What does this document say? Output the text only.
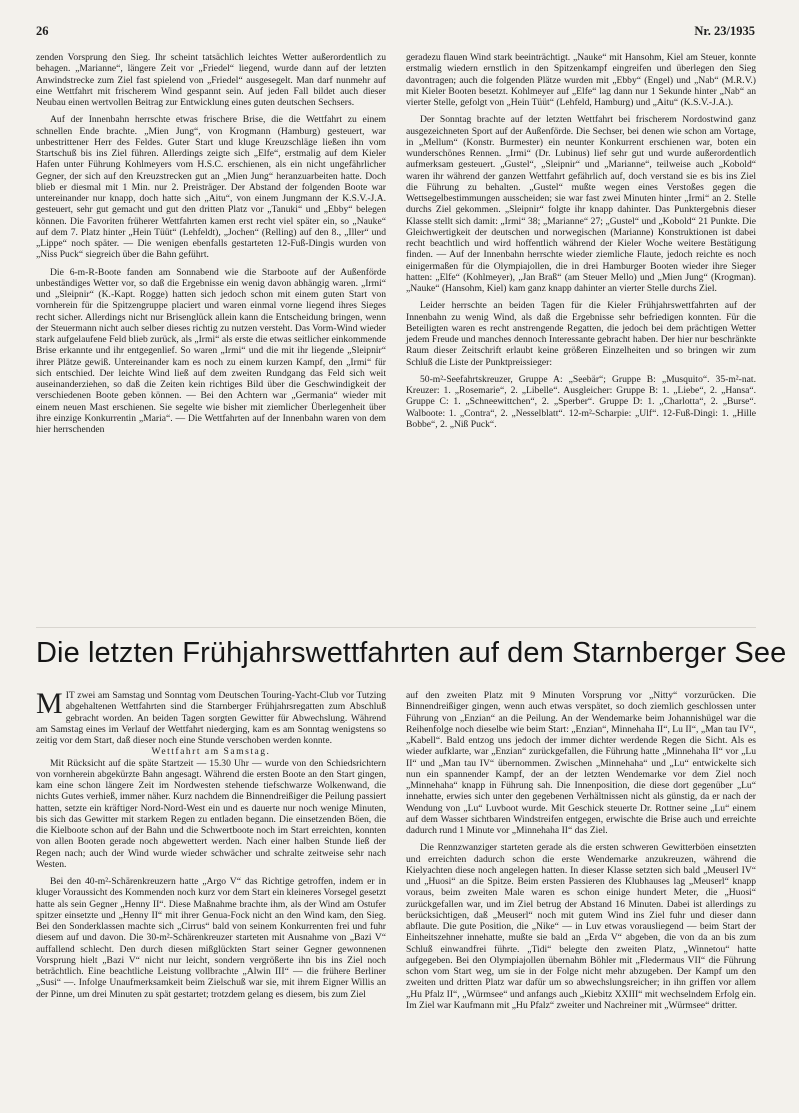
26	Nr. 23/1935

zenden Vorsprung den Sieg. Ihr scheint tatsächlich leichtes Wetter außerordentlich zu behagen. „Marianne“, längere Zeit vor „Friedel“ liegend, wurde dann auf der letzten Anwindstrecke zum Ziel fast spielend von „Friedel“ ausgesegelt. Man darf nunmehr auf eine Wettfahrt mit frischerem Wind gespannt sein. Auf jeden Fall bildet auch dieser Neubau einen wertvollen Beitrag zur Entwicklung eines guten deutschen Sechsers.

Auf der Innenbahn herrschte etwas frischere Brise, die die Wettfahrt zu einem schnellen Ende brachte. „Mien Jung“, von Krogmann (Hamburg) gesteuert, war unbestrittener Herr des Feldes. Guter Start und kluge Kreuzschläge ließen ihn vom Startschuß bis ins Ziel führen. Allerdings zeigte sich „Elfe“, erstmalig auf dem Kieler Hafen unter Führung Kohlmeyers vom H.S.C. erschienen, als ein nicht ungefährlicher Gegner, der sich auf den Kreuzstrecken gut an „Mien Jung“ heranzuarbeiten hatte. Doch blieb er diesmal mit 1 Min. nur 2. Preisträger. Der Abstand der folgenden Boote war untereinander nur knapp, doch hatte sich „Aitu“, von einem Jungmann der K.S.V.-J.A. gesteuert, sehr gut gemacht und gut den dritten Platz vor „Tanuki“ und „Ebby“ belegen können. Die Favoriten früherer Wettfahrten kamen erst recht viel später ein, so „Nauke“ auf dem 7. Platz hinter „Hein Tüüt“ (Lehfeldt), „Jochen“ (Relling) auf den 8., „Iller“ und „Lippe“ noch später. — Die wenigen ebenfalls gestarteten 12-Fuß-Dingis wurden von „Niss Puck“ siegreich über die Bahn geführt.

Die 6-m-R-Boote fanden am Sonnabend wie die Starboote auf der Außenförde unbeständiges Wetter vor, so daß die Ergebnisse ein wenig davon abhängig waren. „Irmi“ und „Sleipnir“ (K.-Kapt. Rogge) hatten sich jedoch schon mit einem guten Start von vornherein für die Spitzengruppe placiert und waren einmal vorne liegend ihres Sieges recht sicher. Allerdings nicht nur Brisenglück allein kann die Entscheidung bringen, wenn der Steuermann nicht auch selber dieses richtig zu nutzen versteht. Das Vorm-Wind wieder stark aufgelaufene Feld blieb zurück, als „Irmi“ als erste die etwas seitlicher einkommende Brise erkannte und ihr entgegenlief. So waren „Irmi“ und die mit ihr liegende „Sleipnir“ ihrer Plätze gewiß. Untereinander kam es noch zu einem kurzen Kampf, den „Irmi“ für sich entschied. Der leichte Wind ließ auf dem zweiten Rundgang das Feld sich weit auseinanderziehen, so daß die Zeiten kein richtiges Bild über die Geschwindigkeit der verschiedenen Boote geben können. — Bei den Achtern war „Germania“ wieder mit einem neuen Mast erschienen. Sie segelte wie bisher mit ziemlicher Überlegenheit über ihre einzige Konkurrentin „Maria“. — Die Wettfahrten auf der Innenbahn waren von dem hier herrschenden

geradezu flauen Wind stark beeinträchtigt. „Nauke“ mit Hansohm, Kiel am Steuer, konnte erstmalig wiedern ernstlich in den Spitzenkampf eingreifen und überlegen den Sieg davontragen; auch die folgenden Plätze wurden mit „Ebby“ (Engel) und „Nab“ (M.R.V.) mit Kieler Booten besetzt. Kohlmeyer auf „Elfe“ lag dann nur 1 Sekunde hinter „Nab“ an vierter Stelle, gefolgt von „Hein Tüüt“ (Lehfeld, Hamburg) und „Aitu“ (K.S.V.-J.A.).

Der Sonntag brachte auf der letzten Wettfahrt bei frischerem Nordostwind ganz ausgezeichneten Sport auf der Außenförde. Die Sechser, bei denen wie schon am Vortage, in „Mellum“ (Konstr. Burmester) ein neunter Konkurrent erschienen war, boten ein wunderschönes Rennen. „Irmi“ (Dr. Lubinus) lief sehr gut und wurde außerordentlich aufmerksam gesteuert. „Gustel“, „Sleipnir“ und „Marianne“, teilweise auch „Kobold“ waren ihr während der ganzen Wettfahrt gefährlich auf, doch verstand sie es bis ins Ziel die Führung zu behalten. „Gustel“ mußte wegen eines Verstoßes gegen die Wettsegelbestimmungen ausscheiden; sie war fast zwei Minuten hinter „Irmi“ an 2. Stelle durchs Ziel gekommen. „Sleipnir“ folgte ihr knapp dahinter. Das Punktergebnis dieser Klasse stellt sich damit: „Irmi“ 38; „Marianne“ 27; „Gustel“ und „Kobold“ 21 Punkte. Die Gleichwertigkeit der deutschen und norwegischen (Marianne) Konstruktionen ist dabei recht beachtlich und wird hoffentlich während der Kieler Woche weitere Bestätigung finden. — Auf der Innenbahn herrschte wieder ziemliche Flaute, jedoch reichte es noch einigermaßen für die Olympiajollen, die in drei Hamburger Booten wieder ihre Sieger hatten: „Elfe“ (Kohlmeyer), „Jan Braß“ (am Steuer Mello) und „Mien Jung“ (Krogman). „Nauke“ (Hansohm, Kiel) kam ganz knapp dahinter an vierter Stelle durchs Ziel.

Leider herrschte an beiden Tagen für die Kieler Frühjahrswettfahrten auf der Innenbahn zu wenig Wind, als daß die Ergebnisse sehr befriedigen konnten. Für die Beteiligten waren es recht anstrengende Regatten, die jedoch bei dem prächtigen Wetter jedem Freude und manches dennoch Interessante gebracht haben. Der hier nur beschränkte Raum dieser Zeitschrift erlaubt keine größeren Einzelheiten und so bringen wir zum Schluß die Liste der Punktpreissieger:

50-m²-Seefahrtskreuzer, Gruppe A: „Seebär“; Gruppe B: „Musquito“. 35-m²-nat. Kreuzer: 1. „Rosemarie“, 2. „Libelle“. Ausgleicher: Gruppe B: 1. „Liebe“, 2. „Hansa“. Gruppe C: 1. „Schneewittchen“, 2. „Sperber“. Gruppe D: 1. „Charlotta“, 2. „Burse“. Walboote: 1. „Contra“, 2. „Nesselblatt“. 12-m²-Scharpie: „Ulf“. 12-Fuß-Dingi: 1. „Hille Bobbe“, 2. „Niß Puck“.

Die letzten Frühjahrswettfahrten auf dem Starnberger See

MIT zwei am Samstag und Sonntag vom Deutschen Touring-Yacht-Club vor Tutzing abgehaltenen Wettfahrten sind die Starnberger Frühjahrsregatten zum Abschluß gebracht worden. An beiden Tagen sorgten Gewitter für Abwechslung. Während am Samstag eines im Verlauf der Wettfahrt niederging, kam es am Sonntag wenigstens so zeitig vor dem Start, daß dieser noch eine Stunde verschoben werden konnte.

Wettfahrt am Samstag.

Mit Rücksicht auf die späte Startzeit — 15.30 Uhr — wurde von den Schiedsrichtern von vornherein abgekürzte Bahn angesagt. Während die ersten Boote an den Start gingen, kam eine schon längere Zeit im Nordwesten stehende tiefschwarze Wolkenwand, die nichts Gutes verhieß, immer näher. Kurz nachdem die Binnendreißiger die Peilung passiert hatten, setzte ein kräftiger Nord-Nord-West ein und es dauerte nur noch wenige Minuten, bis sich das Gewitter mit starkem Regen zu entladen begann. Die einsetzenden Böen, die die Kielboote schon auf der Bahn und die Schwertboote noch im Start erreichten, konnten von allen Booten gerade noch abgewettert werden. Nach einer halben Stunde ließ der Regen nach; auch der Wind wurde wieder schwächer und schralte zeitweise sehr nach Westen.

Bei den 40-m²-Schärenkreuzern hatte „Argo V“ das Richtige getroffen, indem er in kluger Voraussicht des Kommenden noch kurz vor dem Start ein kleineres Vorsegel gesetzt hatte als sein Gegner „Henny II“. Diese Maßnahme brachte ihm, als der Wind am Ostufer spitzer einsetzte und „Henny II“ mit ihrer Genua-Fock nicht an den Wind kam, den Sieg. Bei den Sonderklassen machte sich „Cirrus“ bald von seinem Konkurrenten frei und fuhr diesem auf und davon. Die 30-m²-Schärenkreuzer starteten mit Ausnahme von „Bazi V“ auffallend schlecht. Den durch diesen mißglückten Start seiner Gegner gewonnenen Vorsprung hielt „Bazi V“ nicht nur leicht, sondern vergrößerte ihn bis ins Ziel noch beträchtlich. Eine beachtliche Leistung vollbrachte „Alwin III“ — die frühere Berliner „Susi“ —. Infolge Unaufmerksamkeit beim Zielschuß war sie, mit ihrem Eigner Willis an der Pinne, um drei Minuten zu spät gestartet; trotzdem gelang es diesem, bis zum Ziel

auf den zweiten Platz mit 9 Minuten Vorsprung vor „Nitty“ vorzurücken. Die Binnendreißiger gingen, wenn auch etwas verspätet, so doch ziemlich geschlossen unter Führung von „Enzian“ an die Peilung. An der Wendemarke beim Johannishügel war die Reihenfolge noch dieselbe wie beim Start: „Enzian“, Minnehaha II“, Lu II“, „Man tau IV“, „Kabell“. Bald entzog uns jedoch der immer dichter werdende Regen die Sicht. Als es wieder aufklarte, war „Enzian“ zurückgefallen, die Führung hatte „Minnehaha II“ vor „Lu II“ und „Man tau IV“ übernommen. Zwischen „Minnehaha“ und „Lu“ entwickelte sich nun ein spannender Kampf, der an der letzten Wendemarke vor dem Ziel noch „Minnehaha“ knapp in Führung sah. Die Innenposition, die diese dort gegenüber „Lu“ innehatte, erwies sich unter den gegebenen Verhältnissen nicht als günstig, da er nach der Wendung von „Lu“ Luvboot wurde. Mit Geschick steuerte Dr. Rottner seine „Lu“ einem auf dem Wasser sichtbaren Windstreifen entgegen, erwischte die Brise auch und erreichte dadurch rund 1 Minute vor „Minnehaha II“ das Ziel.

Die Rennzwanziger starteten gerade als die ersten schweren Gewitterböen einsetzten und erreichten dadurch schon die erste Wendemarke anzukreuzen, während die Kielyachten diese noch angelegen hatten. In dieser Klasse setzten sich bald „Meuserl IV“ und „Huosi“ an die Spitze. Beim ersten Passieren des Klubhauses lag „Meuserl“ knapp voraus, beim zweiten Male waren es schon einige hundert Meter, die „Huosi“ zurückgefallen war, und im Ziel betrug der Abstand 16 Minuten. Dabei ist allerdings zu berücksichtigen, daß „Meuserl“ noch mit gutem Wind ins Ziel fuhr und dieser dann abflaute. Die gute Position, die „Nike“ — in Luv etwas vorausliegend — beim Start der Einheitszehner innehatte, mußte sie bald an „Erda V“ abgeben, die von da an bis zum Schluß einwandfrei führte. „Tidi“ belegte den zweiten Platz, „Winnetou“ hatte aufgegeben. Bei den Olympiajollen übernahm Böhler mit „Fledermaus VII“ die Führung schon vom Start weg, um sie in der Folge nicht mehr abzugeben. Der Kampf um den zweiten und dritten Platz war dafür um so abwechslungsreicher; in ihn griffen vor allem „Hu Pfalz II“, „Würmsee“ und anfangs auch „Kiebitz XXIII“ mit wechselndem Erfolg ein. Im Ziel war Kaufmann mit „Hu Pfalz“ zweiter und Nachreiner mit „Würmsee“ dritter.
